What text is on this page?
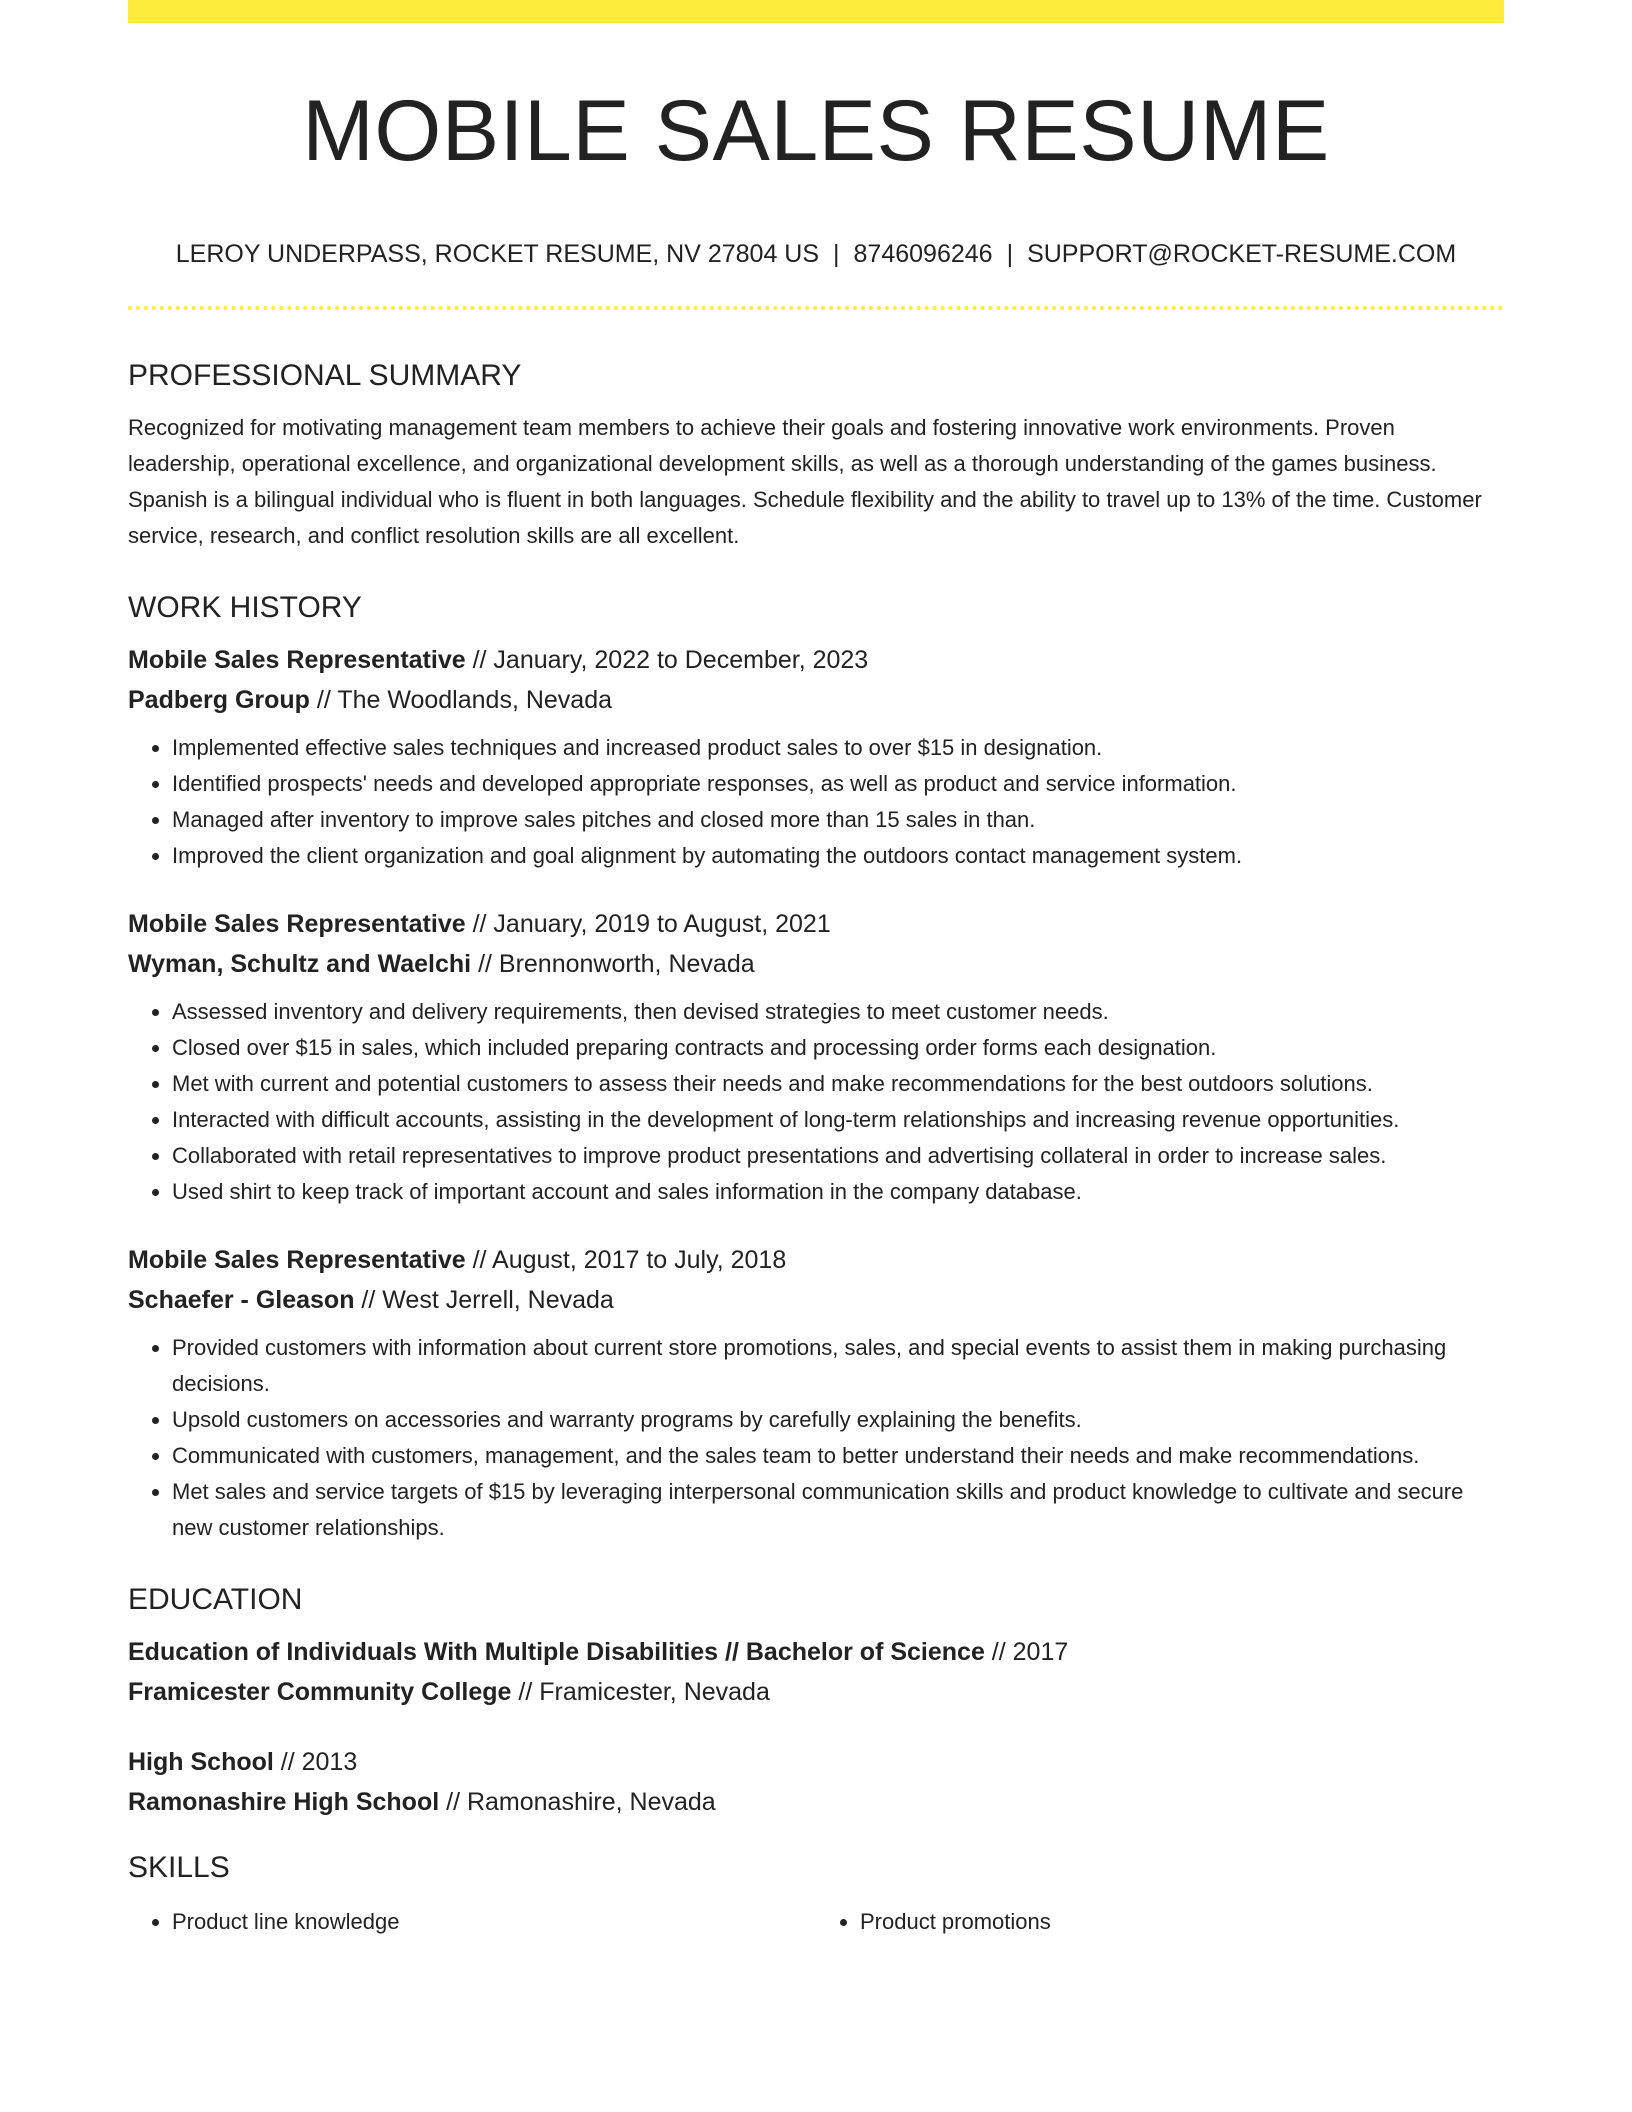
MOBILE SALES RESUME
LEROY UNDERPASS, ROCKET RESUME, NV 27804 US | 8746096246 | SUPPORT@ROCKET-RESUME.COM
PROFESSIONAL SUMMARY

Recognized for motivating management team members to achieve their goals and fostering innovative work environments. Proven leadership, operational excellence, and organizational development skills, as well as a thorough understanding of the games business. Spanish is a bilingual individual who is fluent in both languages. Schedule flexibility and the ability to travel up to 13% of the time. Customer service, research, and conflict resolution skills are all excellent.

WORK HISTORY
Mobile Sales Representative // January, 2022 to December, 2023
Padberg Group // The Woodlands, Nevada
• Implemented effective sales techniques and increased product sales to over $15 in designation.
• Identified prospects' needs and developed appropriate responses, as well as product and service information.
• Managed after inventory to improve sales pitches and closed more than 15 sales in than.
• Improved the client organization and goal alignment by automating the outdoors contact management system.
Mobile Sales Representative // January, 2019 to August, 2021
Wyman, Schultz and Waelchi // Brennonworth, Nevada
• Assessed inventory and delivery requirements, then devised strategies to meet customer needs.
• Closed over $15 in sales, which included preparing contracts and processing order forms each designation.
• Met with current and potential customers to assess their needs and make recommendations for the best outdoors solutions.
• Interacted with difficult accounts, assisting in the development of long-term relationships and increasing revenue opportunities.
• Collaborated with retail representatives to improve product presentations and advertising collateral in order to increase sales.
• Used shirt to keep track of important account and sales information in the company database.
Mobile Sales Representative // August, 2017 to July, 2018
Schaefer - Gleason // West Jerrell, Nevada
• Provided customers with information about current store promotions, sales, and special events to assist them in making purchasing decisions.
• Upsold customers on accessories and warranty programs by carefully explaining the benefits.
• Communicated with customers, management, and the sales team to better understand their needs and make recommendations.
• Met sales and service targets of $15 by leveraging interpersonal communication skills and product knowledge to cultivate and secure new customer relationships.
EDUCATION
Education of Individuals With Multiple Disabilities // Bachelor of Science // 2017
Framicester Community College // Framicester, Nevada
High School // 2013
Ramonashire High School // Ramonashire, Nevada
SKILLS
• Product line knowledge
•	Product promotions
